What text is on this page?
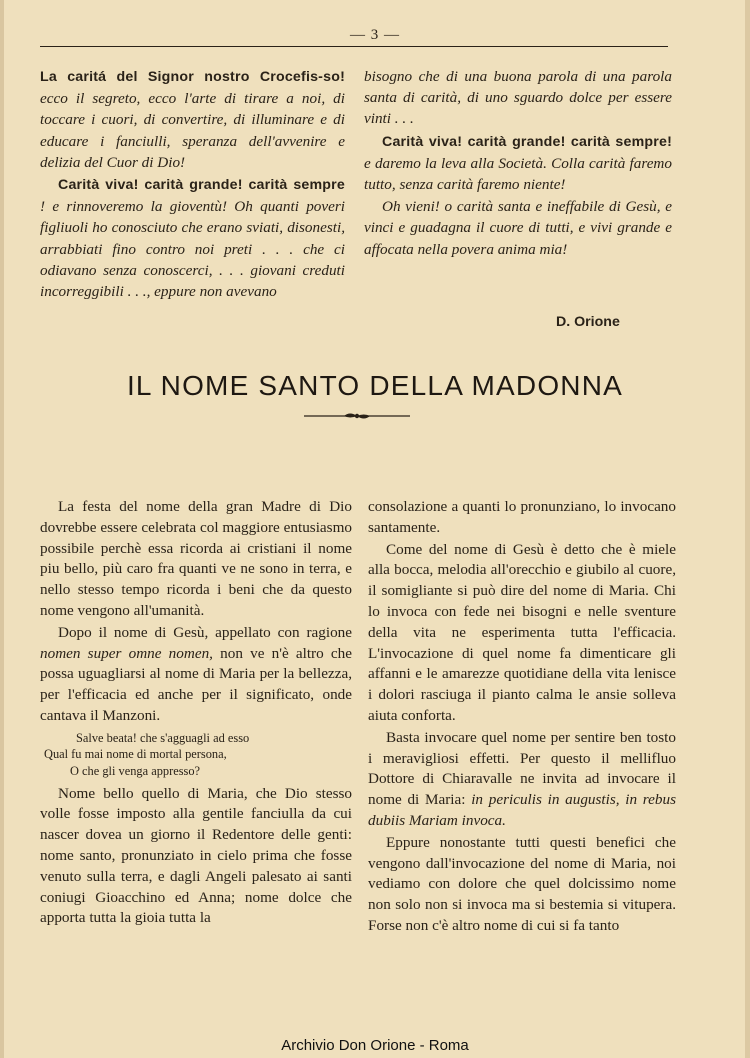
— 3 —

La caritá del Signor nostro Crocefis-so! ecco il segreto, ecco l'arte di tirare a noi, di toccare i cuori, di convertire, di illuminare e di educare i fanciulli, speranza dell'avvenire e delizia del Cuor di Dio!

Carità viva! carità grande! carità sempre ! e rinnoveremo la gioventù! Oh quanti poveri figliuoli ho conosciuto che erano sviati, disonesti, arrabbiati fino contro noi preti . . . che ci odiavano senza conoscerci, . . . giovani creduti incorreggibili . . ., eppure non avevano

bisogno che di una buona parola di una parola santa di carità, di uno sguardo dolce per essere vinti . . .

Carità viva! carità grande! carità sempre! e daremo la leva alla Società. Colla carità faremo tutto, senza carità faremo niente!

Oh vieni! o carità santa e ineffabile di Gesù, e vinci e guadagna il cuore di tutti, e vivi grande e affocata nella povera anima mia!

D. Orione
IL NOME SANTO DELLA MADONNA

La festa del nome della gran Madre di Dio dovrebbe essere celebrata col maggiore entusiasmo possibile perchè essa ricorda ai cristiani il nome piu bello, più caro fra quanti ve ne sono in terra, e nello stesso tempo ricorda i beni che da questo nome vengono all'umanità.

Dopo il nome di Gesù, appellato con ragione nomen super omne nomen, non ve n'è altro che possa uguagliarsi al nome di Maria per la bellezza, per l'efficacia ed anche per il significato, onde cantava il Manzoni.

Salve beata! che s'agguagli ad esso
Qual fu mai nome di mortal persona,
O che gli venga appresso?

Nome bello quello di Maria, che Dio stesso volle fosse imposto alla gentile fanciulla da cui nascer dovea un giorno il Redentore delle genti: nome santo, pronunziato in cielo prima che fosse venuto sulla terra, e dagli Angeli palesato ai santi coniugi Gioacchino ed Anna; nome dolce che apporta tutta la gioia tutta la

consolazione a quanti lo pronunziano, lo invocano santamente.

Come del nome di Gesù è detto che è miele alla bocca, melodia all'orecchio e giubilo al cuore, il somigliante si può dire del nome di Maria. Chi lo invoca con fede nei bisogni e nelle sventure della vita ne esperimenta tutta l'efficacia. L'invocazione di quel nome fa dimenticare gli affanni e le amarezze quotidiane della vita lenisce i dolori rasciuga il pianto calma le ansie solleva aiuta conforta.

Basta invocare quel nome per sentire ben tosto i meravigliosi effetti. Per questo il mellifluo Dottore di Chiaravalle ne invita ad invocare il nome di Maria: in periculis in augustis, in rebus dubiis Mariam invoca.

Eppure nonostante tutti questi benefici che vengono dall'invocazione del nome di Maria, noi vediamo con dolore che quel dolcissimo nome non solo non si invoca ma si bestemia si vitupera. Forse non c'è altro nome di cui si fa tanto

Archivio Don Orione - Roma
